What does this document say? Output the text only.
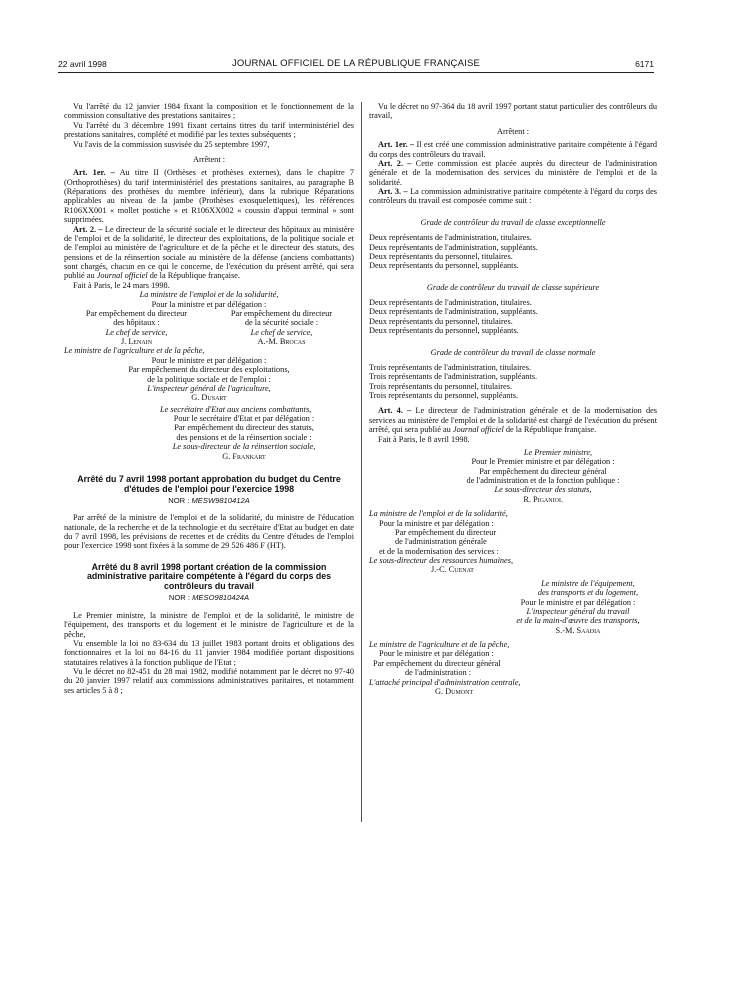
22 avril 1998	JOURNAL OFFICIEL DE LA RÉPUBLIQUE FRANÇAISE	6171

Vu l'arrêté du 12 janvier 1984 fixant la composition et le fonctionnement de la commission consultative des prestations sanitaires ;

Vu l'arrêté du 3 décembre 1991 fixant certains titres du tarif interministériel des prestations sanitaires, complété et modifié par les textes subséquents ;

Vu l'avis de la commission susvisée du 25 septembre 1997,

Arrêtent :

Art. 1er. – Au titre II (Orthèses et prothèses externes), dans le chapitre 7 (Orthoprothèses) du tarif interministériel des prestations sanitaires, au paragraphe B (Réparations des prothèses du membre inférieur), dans la rubrique Réparations applicables au niveau de la jambe (Prothèses exosquelettiques), les références R106XX001 « mollet postiche » et R106XX002 « coussin d'appui terminal » sont supprimées.

Art. 2. – Le directeur de la sécurité sociale et le directeur des hôpitaux au ministère de l'emploi et de la solidarité, le directeur des exploitations, de la politique sociale et de l'emploi au ministère de l'agriculture et de la pêche et le directeur des statuts, des pensions et de la réinsertion sociale au ministère de la défense (anciens combattants) sont chargés, chacun en ce qui le concerne, de l'exécution du présent arrêté, qui sera publié au Journal officiel de la République française.

Fait à Paris, le 24 mars 1998.

La ministre de l'emploi et de la solidarité,

Pour la ministre et par délégation :

Par empêchement du directeur
des hôpitaux :
Le chef de service,
J. Lenain
Par empêchement du directeur
de la sécurité sociale :
Le chef de service,
A.-M. Brocas

Le ministre de l'agriculture et de la pêche,

Pour le ministre et par délégation :

Par empêchement du directeur des exploitations,

de la politique sociale et de l'emploi :

L'inspecteur général de l'agriculture,

G. Dusart

Le secrétaire d'Etat aux anciens combattants,

Pour le secrétaire d'Etat et par délégation :

Par empêchement du directeur des statuts,

des pensions et de la réinsertion sociale :

Le sous-directeur de la réinsertion sociale,

G. Frankart

Arrêté du 7 avril 1998 portant approbation du budget du Centre d'études de l'emploi pour l'exercice 1998
NOR : MESW9810412A

Par arrêté de la ministre de l'emploi et de la solidarité, du ministre de l'éducation nationale, de la recherche et de la technologie et du secrétaire d'Etat au budget en date du 7 avril 1998, les prévisions de recettes et de crédits du Centre d'études de l'emploi pour l'exercice 1998 sont fixées à la somme de 29 526 486 F (HT).

Arrêté du 8 avril 1998 portant création de la commission administrative paritaire compétente à l'égard du corps des contrôleurs du travail
NOR : MESO9810424A

Le Premier ministre, la ministre de l'emploi et de la solidarité, le ministre de l'équipement, des transports et du logement et le ministre de l'agriculture et de la pêche,

Vu ensemble la loi no 83-634 du 13 juillet 1983 portant droits et obligations des fonctionnaires et la loi no 84-16 du 11 janvier 1984 modifiée portant dispositions statutaires relatives à la fonction publique de l'Etat ;

Vu le décret no 82-451 du 28 mai 1982, modifié notamment par le décret no 97-40 du 20 janvier 1997 relatif aux commissions administratives paritaires, et notamment ses articles 5 à 8 ;

Vu le décret no 97-364 du 18 avril 1997 portant statut particulier des contrôleurs du travail,

Arrêtent :

Art. 1er. – Il est créé une commission administrative paritaire compétente à l'égard du corps des contrôleurs du travail.

Art. 2. – Cette commission est placée auprès du directeur de l'administration générale et de la modernisation des services du ministère de l'emploi et de la solidarité.

Art. 3. – La commission administrative paritaire compétente à l'égard du corps des contrôleurs du travail est composée comme suit :

Grade de contrôleur du travail de classe exceptionnelle

Deux représentants de l'administration, titulaires.

Deux représentants de l'administration, suppléants.

Deux représentants du personnel, titulaires.

Deux représentants du personnel, suppléants.

Grade de contrôleur du travail de classe supérieure

Deux représentants de l'administration, titulaires.

Deux représentants de l'administration, suppléants.

Deux représentants du personnel, titulaires.

Deux représentants du personnel, suppléants.

Grade de contrôleur du travail de classe normale

Trois représentants de l'administration, titulaires.

Trois représentants de l'administration, suppléants.

Trois représentants du personnel, titulaires.

Trois représentants du personnel, suppléants.

Art. 4. – Le directeur de l'administration générale et de la modernisation des services au ministère de l'emploi et de la solidarité est chargé de l'exécution du présent arrêté, qui sera publié au Journal officiel de la République française.

Fait à Paris, le 8 avril 1998.

Le Premier ministre,

Pour le Premier ministre et par délégation :

Par empêchement du directeur général

de l'administration et de la fonction publique :

Le sous-directeur des statuts,

R. Piganiol

La ministre de l'emploi et de la solidarité,

Pour la ministre et par délégation :

Par empêchement du directeur

de l'administration générale

et de la modernisation des services :

Le sous-directeur des ressources humaines,

J.-C. Cuenat

Le ministre de l'équipement,

des transports et du logement,

Pour le ministre et par délégation :

L'inspecteur général du travail

et de la main-d'œuvre des transports,

S.-M. Saadia

Le ministre de l'agriculture et de la pêche,

Pour le ministre et par délégation :

Par empêchement du directeur général

de l'administration :

L'attaché principal d'administration centrale,

G. Dumont
